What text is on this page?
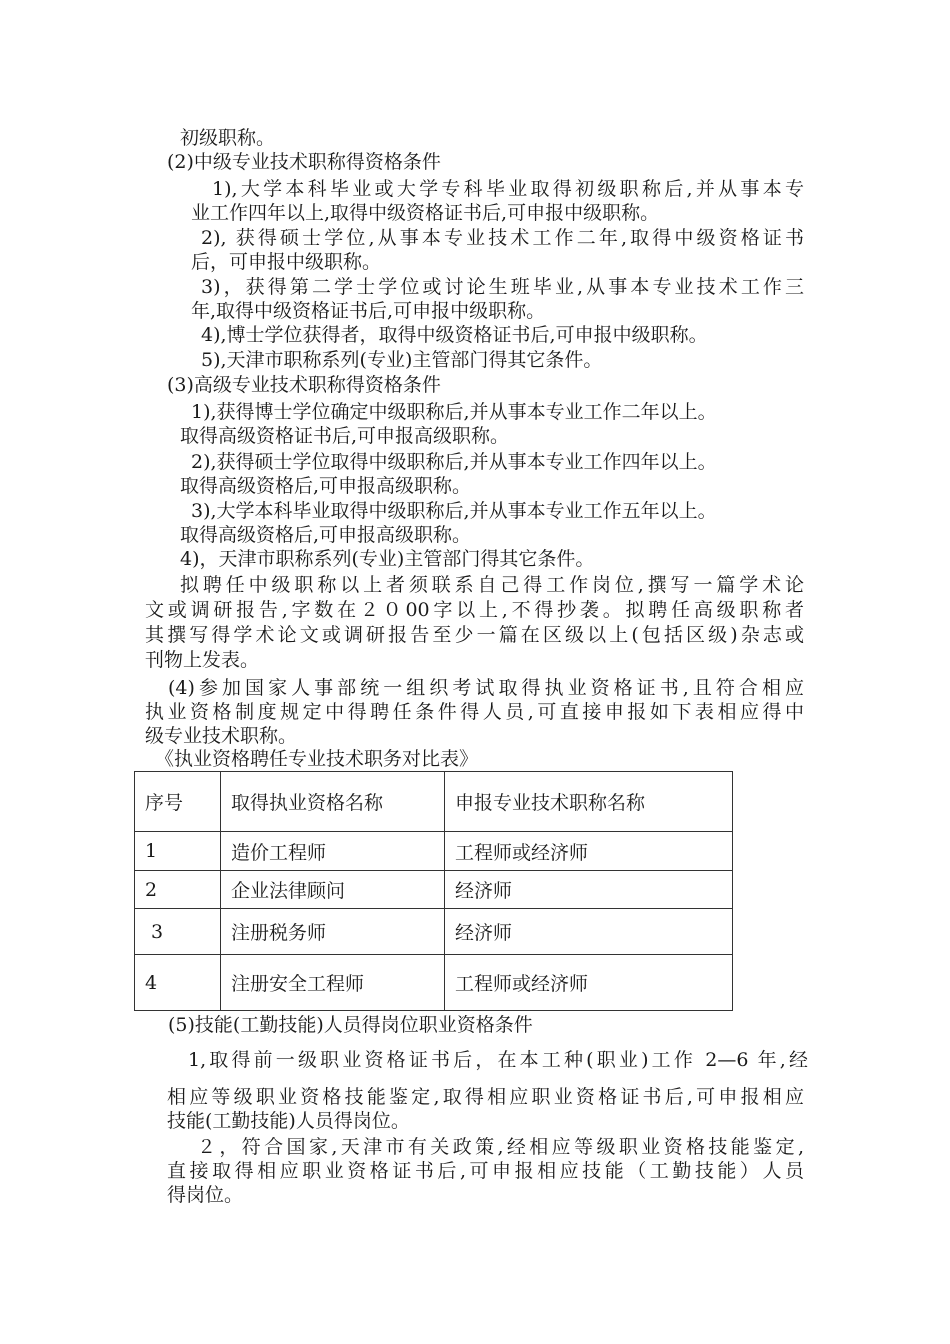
初级职称。
(2)中级专业技术职称得资格条件
1),大学本科毕业或大学专科毕业取得初级职称后,并从事本专
业工作四年以上,取得中级资格证书后,可申报中级职称。
2), 获得硕士学位,从事本专业技术工作二年,取得中级资格证书
后，可申报中级职称。
3)，获得第二学士学位或讨论生班毕业,从事本专业技术工作三
年,取得中级资格证书后,可申报中级职称。
4),博士学位获得者，取得中级资格证书后,可申报中级职称。
5),天津市职称系列(专业)主管部门得其它条件。
(3)高级专业技术职称得资格条件
1),获得博士学位确定中级职称后,并从事本专业工作二年以上。
取得高级资格证书后,可申报高级职称。
2),获得硕士学位取得中级职称后,并从事本专业工作四年以上。
取得高级资格后,可申报高级职称。
3),大学本科毕业取得中级职称后,并从事本专业工作五年以上。
取得高级资格后,可申报高级职称。
4)，天津市职称系列(专业)主管部门得其它条件。
拟聘任中级职称以上者须联系自己得工作岗位,撰写一篇学术论
文或调研报告,字数在２０00字以上,不得抄袭。拟聘任高级职称者
其撰写得学术论文或调研报告至少一篇在区级以上(包括区级)杂志或
刊物上发表。
(4)参加国家人事部统一组织考试取得执业资格证书,且符合相应
执业资格制度规定中得聘任条件得人员,可直接申报如下表相应得中
级专业技术职称。
《执业资格聘任专业技术职务对比表》
序号	取得执业资格名称	申报专业技术职称名称
1	造价工程师	工程师或经济师
2	企业法律顾问	经济师
3	注册税务师	经济师
4	注册安全工程师	工程师或经济师
(5)技能(工勤技能)人员得岗位职业资格条件
1,取得前一级职业资格证书后，在本工种(职业)工作 2—6 年,经
相应等级职业资格技能鉴定,取得相应职业资格证书后,可申报相应
技能(工勤技能)人员得岗位。
２，符合国家,天津市有关政策,经相应等级职业资格技能鉴定,
直接取得相应职业资格证书后,可申报相应技能（工勤技能）人员
得岗位。
